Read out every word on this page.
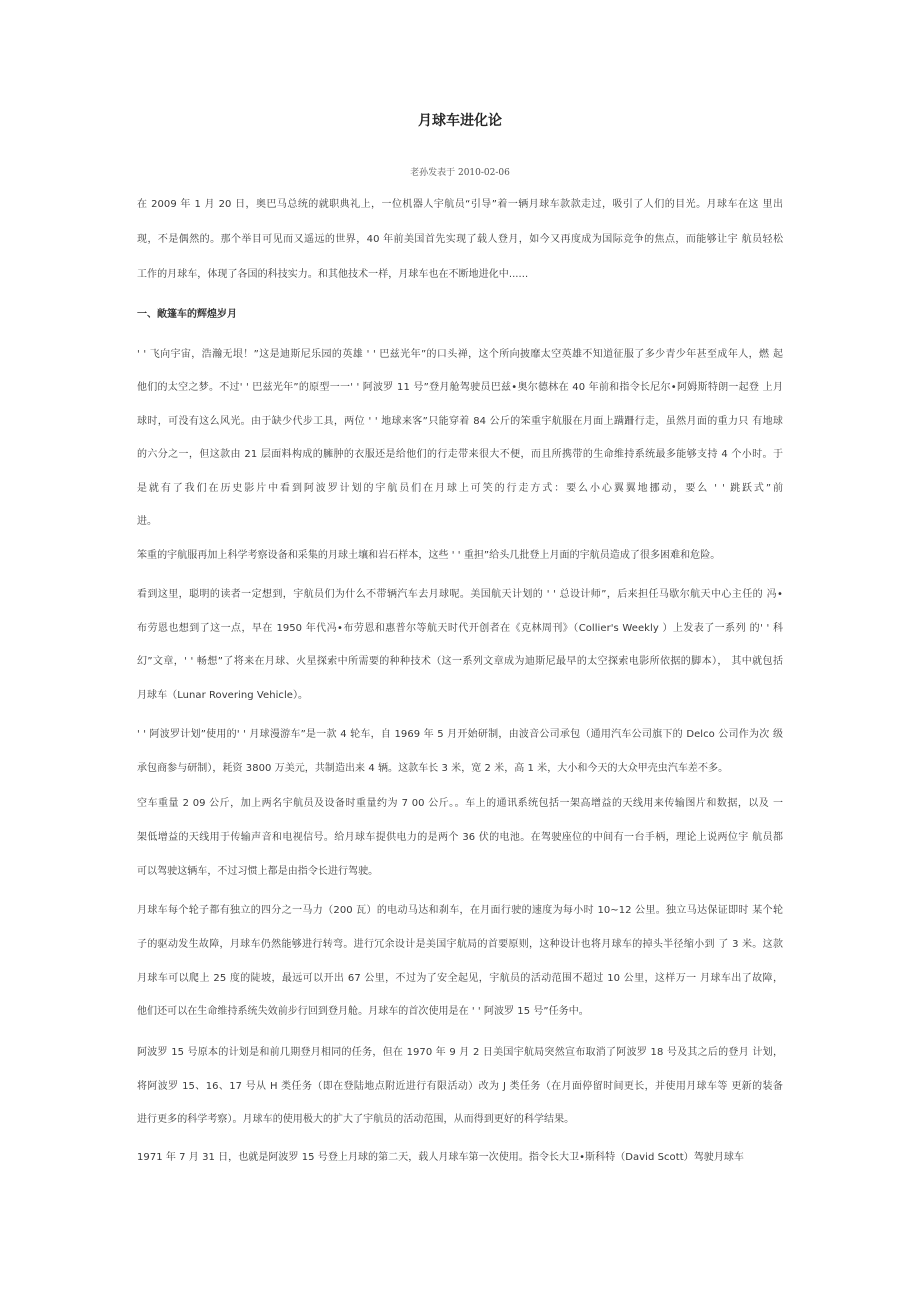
月球车进化论
老孙发表于 2010-02-06
在 2009 年 1 月 20 日，奥巴马总统的就职典礼上，一位机器人宇航员“引导”着一辆月球车款款走过，吸引了人们的目光。月球车在这 里出
现，不是偶然的。那个举目可见而又遥远的世界，40 年前美国首先实现了载人登月，如今又再度成为国际竞争的焦点，而能够让宇 航员轻松
工作的月球车，体现了各国的科技实力。和其他技术一样，月球车也在不断地进化中......
一、敞篷车的辉煌岁月
' ' 飞向宇宙，浩瀚无垠！”这是迪斯尼乐园的英雄 ' ' 巴兹光年”的口头禅，这个所向披靡太空英雄不知道征服了多少青少年甚至成年人，燃 起
他们的太空之梦。不过' ' 巴兹光年”的原型一一' ' 阿波罗 11 号”登月舱驾驶员巴兹•奥尔德林在 40 年前和指令长尼尔•阿姆斯特朗一起登 上月
球时，可没有这么风光。由于缺少代步工具，两位 ' ' 地球来客”只能穿着 84 公斤的笨重宇航服在月面上蹒跚行走，虽然月面的重力只 有地球
的六分之一，但这款由 21 层面料构成的臃肿的衣服还是给他们的行走带来很大不便，而且所携带的生命维持系统最多能够支持 4 个小时。于
是就有了我们在历史影片中看到阿波罗计划的宇航员们在月球上可笑的行走方式：要么小心翼翼地挪动，要么 ' ' 跳跃式”前
进。
笨重的宇航服再加上科学考察设备和采集的月球土壤和岩石样本，这些 ' ' 重担”给头几批登上月面的宇航员造成了很多困难和危险。
看到这里，聪明的读者一定想到，宇航员们为什么不带辆汽车去月球呢。美国航天计划的 ' ' 总设计师”，后来担任马歇尔航天中心主任的 冯•
布劳恩也想到了这一点，早在 1950 年代冯•布劳恩和惠普尔等航天时代开创者在《克林周刊》（Collier's Weekly ）上发表了一系列 的' ' 科
幻”文章，' ' 畅想”了将来在月球、火星探索中所需要的种种技术（这一系列文章成为迪斯尼最早的太空探索电影所依据的脚本）， 其中就包括
月球车（Lunar Rovering Vehicle）。
' ' 阿波罗计划”使用的' ' 月球漫游车”是一款 4 轮车，自 1969 年 5 月开始研制，由波音公司承包（通用汽车公司旗下的 Delco 公司作为次 级
承包商参与研制），耗资 3800 万美元，共制造出来 4 辆。这款车长 3 米，宽 2 米，高 1 米，大小和今天的大众甲壳虫汽车差不多。
空车重量 2 09 公斤，加上两名宇航员及设备时重量约为 7 00 公斤。。车上的通讯系统包括一架高增益的天线用来传输图片和数据，以及 一
架低增益的天线用于传输声音和电视信号。给月球车提供电力的是两个 36 伏的电池。在驾驶座位的中间有一台手柄，理论上说两位宇 航员都
可以驾驶这辆车，不过习惯上都是由指令长进行驾驶。
月球车每个轮子都有独立的四分之一马力（200 瓦）的电动马达和刹车，在月面行驶的速度为每小时 10~12 公里。独立马达保证即时 某个轮
子的驱动发生故障，月球车仍然能够进行转弯。进行冗余设计是美国宇航局的首要原则，这种设计也将月球车的掉头半径缩小到 了 3 米。这款
月球车可以爬上 25 度的陡坡，最远可以开出 67 公里，不过为了安全起见，宇航员的活动范围不超过 10 公里，这样万一 月球车出了故障，
他们还可以在生命维持系统失效前步行回到登月舱。月球车的首次使用是在 ' ' 阿波罗 15 号”任务中。
阿波罗 15 号原本的计划是和前几期登月相同的任务，但在 1970 年 9 月 2 日美国宇航局突然宣布取消了阿波罗 18 号及其之后的登月 计划，
将阿波罗 15、16、17 号从 H 类任务（即在登陆地点附近进行有限活动）改为 J 类任务（在月面停留时间更长，并使用月球车等 更新的装备
进行更多的科学考察）。月球车的使用极大的扩大了宇航员的活动范围，从而得到更好的科学结果。
1971 年 7 月 31 日，也就是阿波罗 15 号登上月球的第二天，载人月球车第一次使用。指令长大卫•斯科特（David Scott）驾驶月球车
